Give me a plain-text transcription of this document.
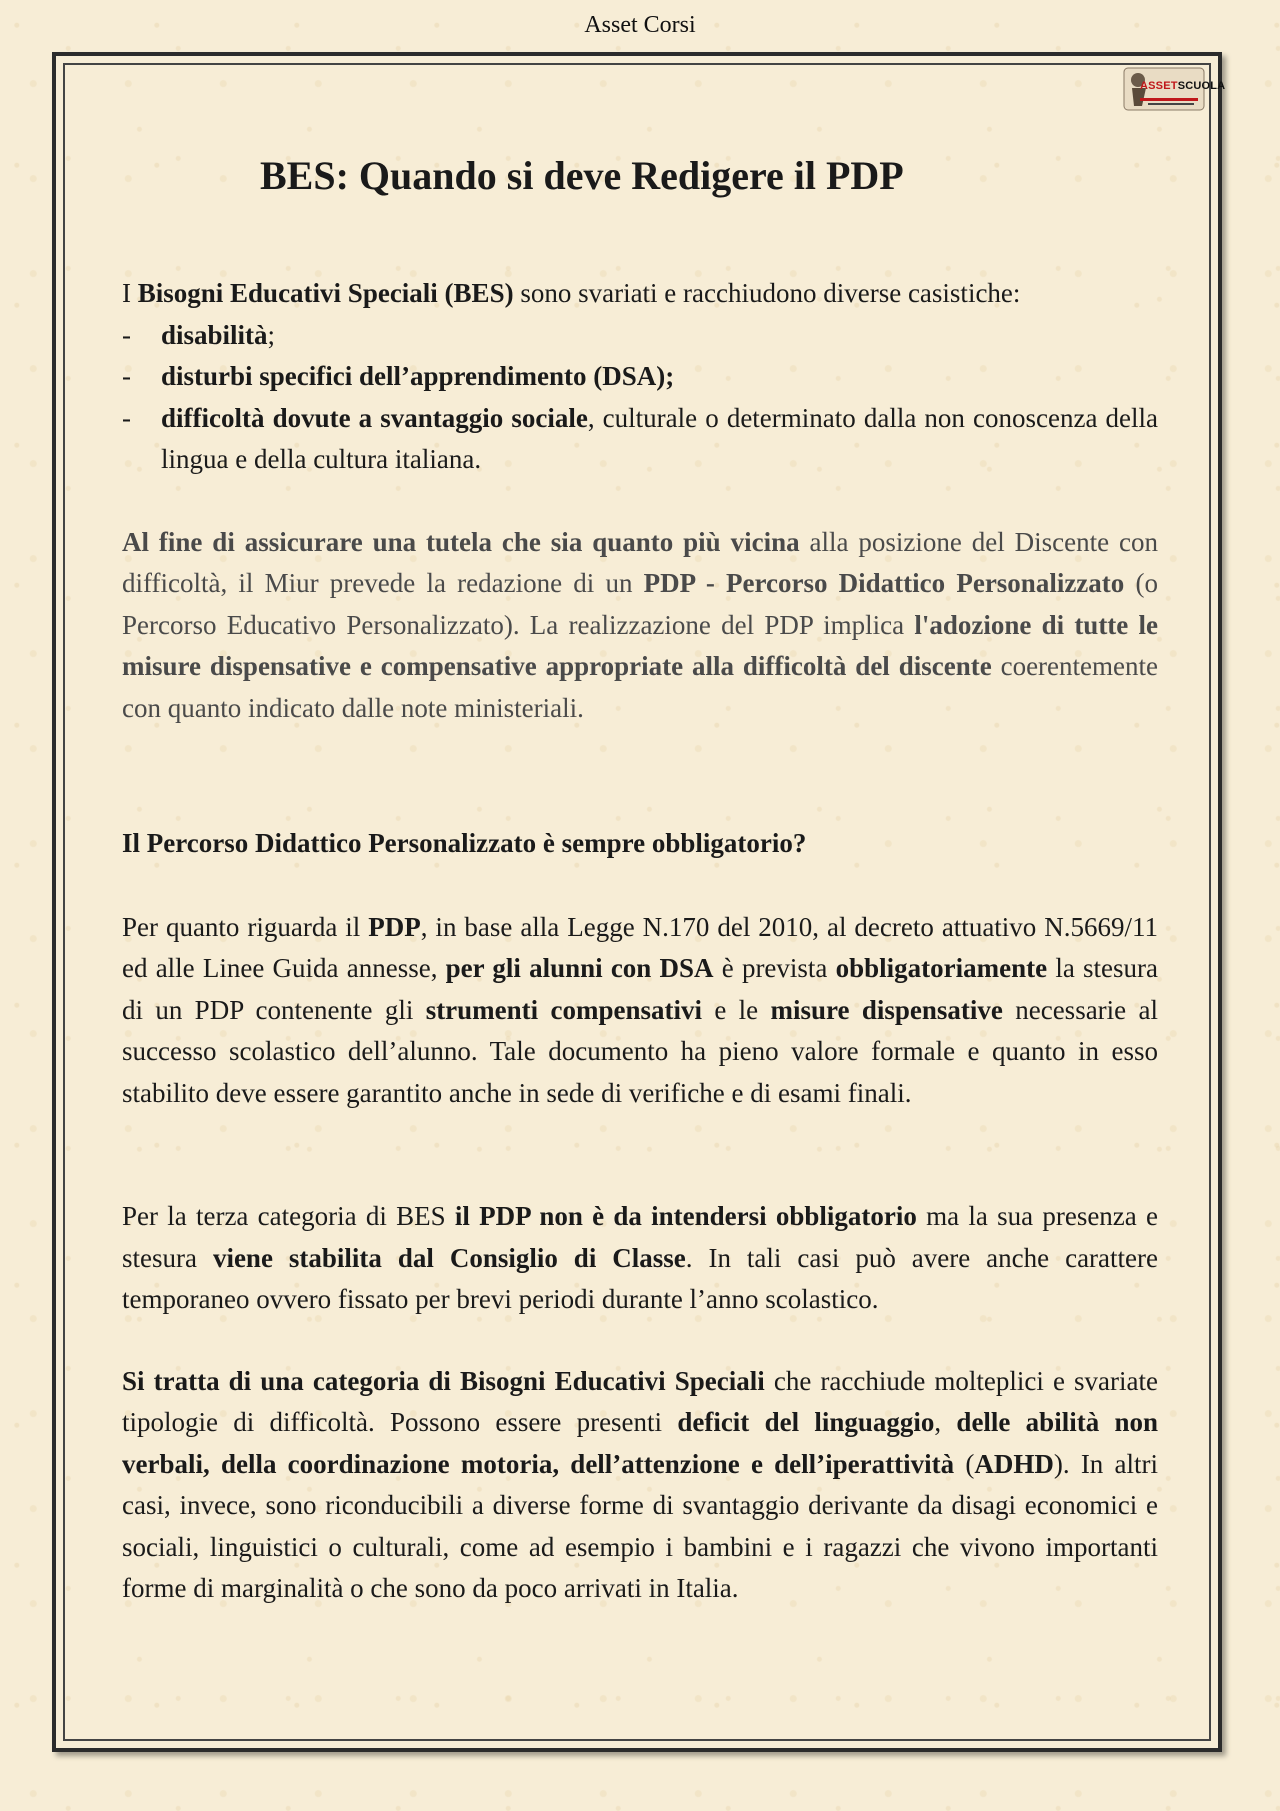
Asset Corsi
ASSETSCUOLA
BES: Quando si deve Redigere il PDP

I Bisogni Educativi Speciali (BES) sono svariati e racchiudono diverse casistiche:

- disabilità;
- disturbi specifici dell’apprendimento (DSA);
- difficoltà dovute a svantaggio sociale, culturale o determinato dalla non conoscenza della lingua e della cultura italiana.

Al fine di assicurare una tutela che sia quanto più vicina alla posizione del Discente con difficoltà, il Miur prevede la redazione di un PDP - Percorso Didattico Personalizzato (o Percorso Educativo Personalizzato). La realizzazione del PDP implica l'adozione di tutte le misure dispensative e compensative appropriate alla difficoltà del discente coerentemente con quanto indicato dalle note ministeriali.

Il Percorso Didattico Personalizzato è sempre obbligatorio?

Per quanto riguarda il PDP, in base alla Legge N.170 del 2010, al decreto attuativo N.5669/11 ed alle Linee Guida annesse, per gli alunni con DSA è prevista obbligatoriamente la stesura di un PDP contenente gli strumenti compensativi e le misure dispensative necessarie al successo scolastico dell’alunno. Tale documento ha pieno valore formale e quanto in esso stabilito deve essere garantito anche in sede di verifiche e di esami finali.

Per la terza categoria di BES il PDP non è da intendersi obbligatorio ma la sua presenza e stesura viene stabilita dal Consiglio di Classe. In tali casi può avere anche carattere temporaneo ovvero fissato per brevi periodi durante l’anno scolastico.

Si tratta di una categoria di Bisogni Educativi Speciali che racchiude molteplici e svariate tipologie di difficoltà. Possono essere presenti deficit del linguaggio, delle abilità non verbali, della coordinazione motoria, dell’attenzione e dell’iperattività (ADHD). In altri casi, invece, sono riconducibili a diverse forme di svantaggio derivante da disagi economici e sociali, linguistici o culturali, come ad esempio i bambini e i ragazzi che vivono importanti forme di marginalità o che sono da poco arrivati in Italia.
